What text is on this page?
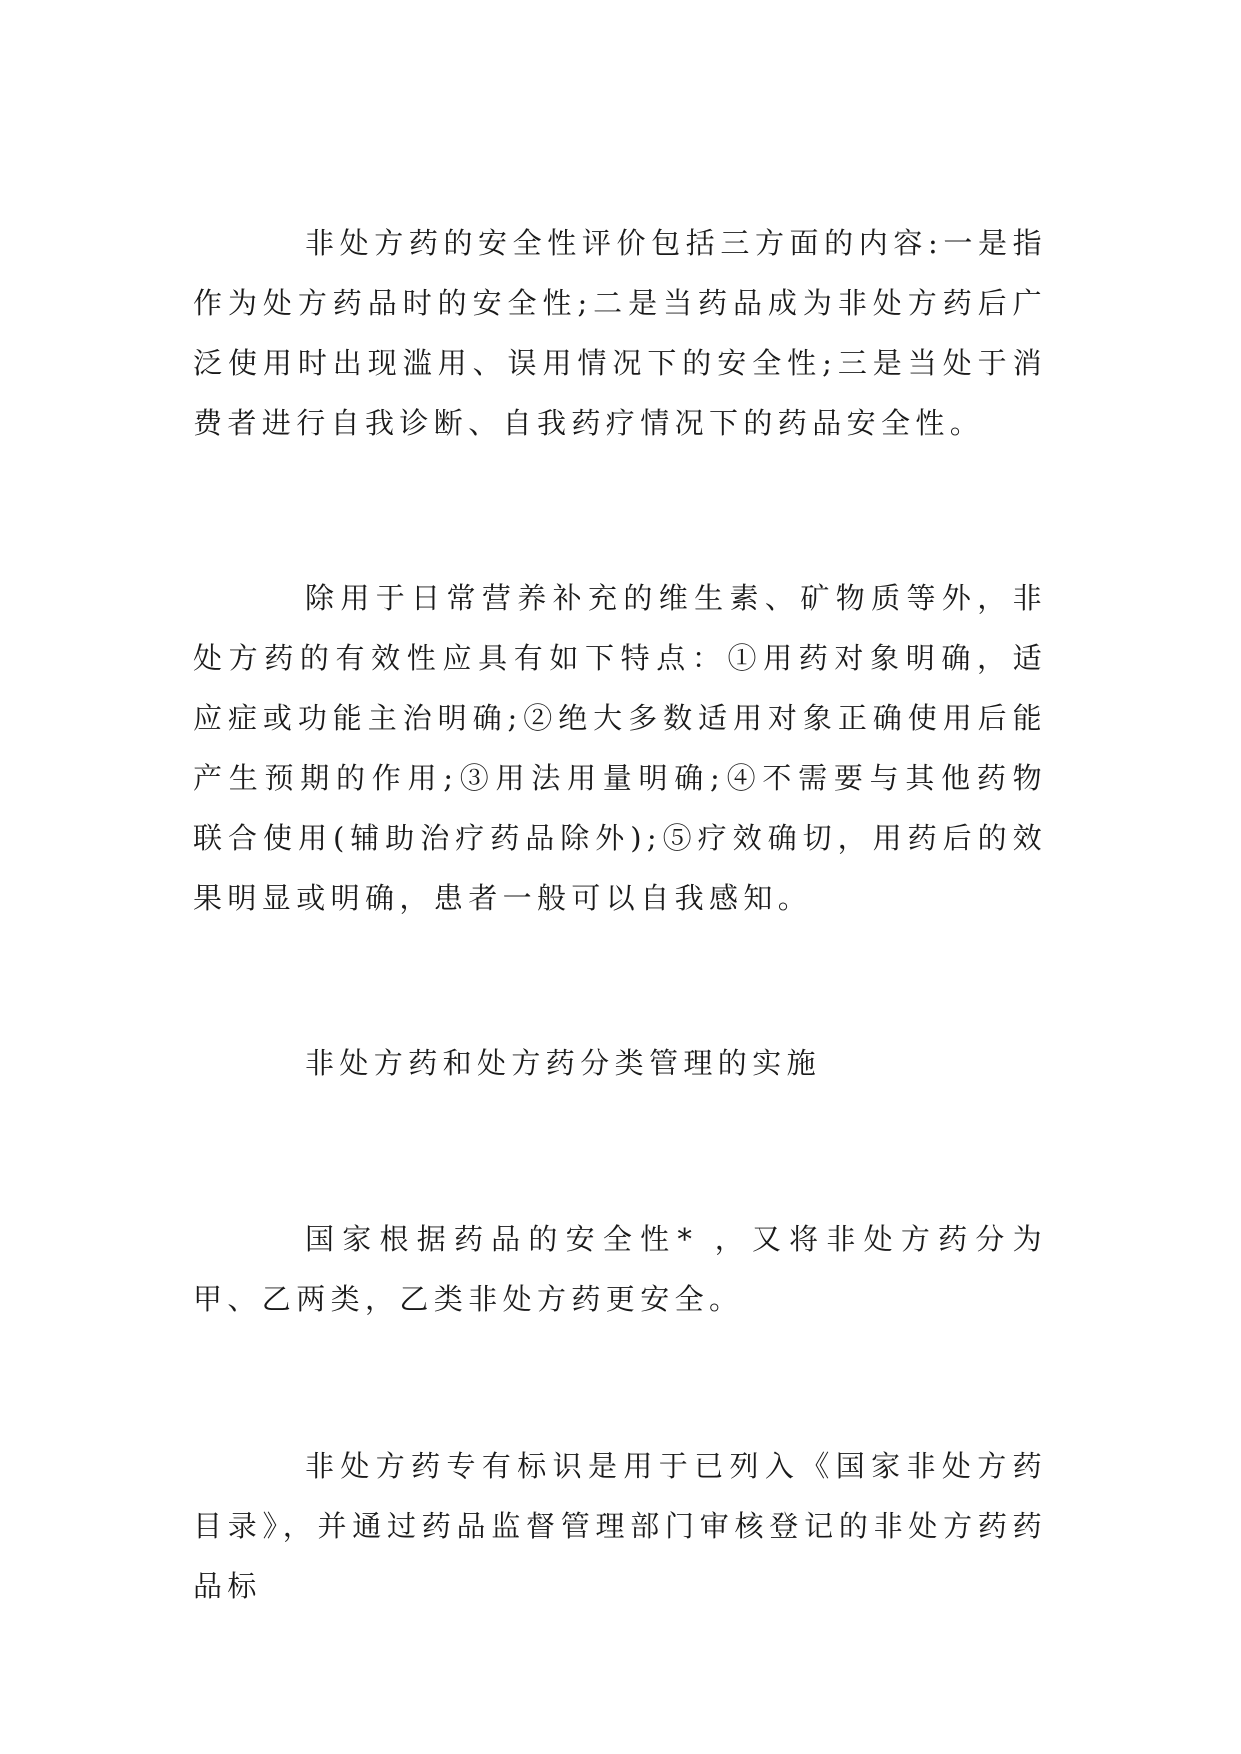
非处方药的安全性评价包括三方面的内容:一是指作为处方药品时的安全性;二是当药品成为非处方药后广泛使用时出现滥用、误用情况下的安全性;三是当处于消费者进行自我诊断、自我药疗情况下的药品安全性。

除用于日常营养补充的维生素、矿物质等外，非处方药的有效性应具有如下特点：①用药对象明确，适应症或功能主治明确;②绝大多数适用对象正确使用后能产生预期的作用;③用法用量明确;④不需要与其他药物联合使用(辅助治疗药品除外);⑤疗效确切，用药后的效果明显或明确，患者一般可以自我感知。

非处方药和处方药分类管理的实施

国家根据药品的安全性* ，又将非处方药分为甲、乙两类，乙类非处方药更安全。

非处方药专有标识是用于已列入《国家非处方药目录》，并通过药品监督管理部门审核登记的非处方药药品标
